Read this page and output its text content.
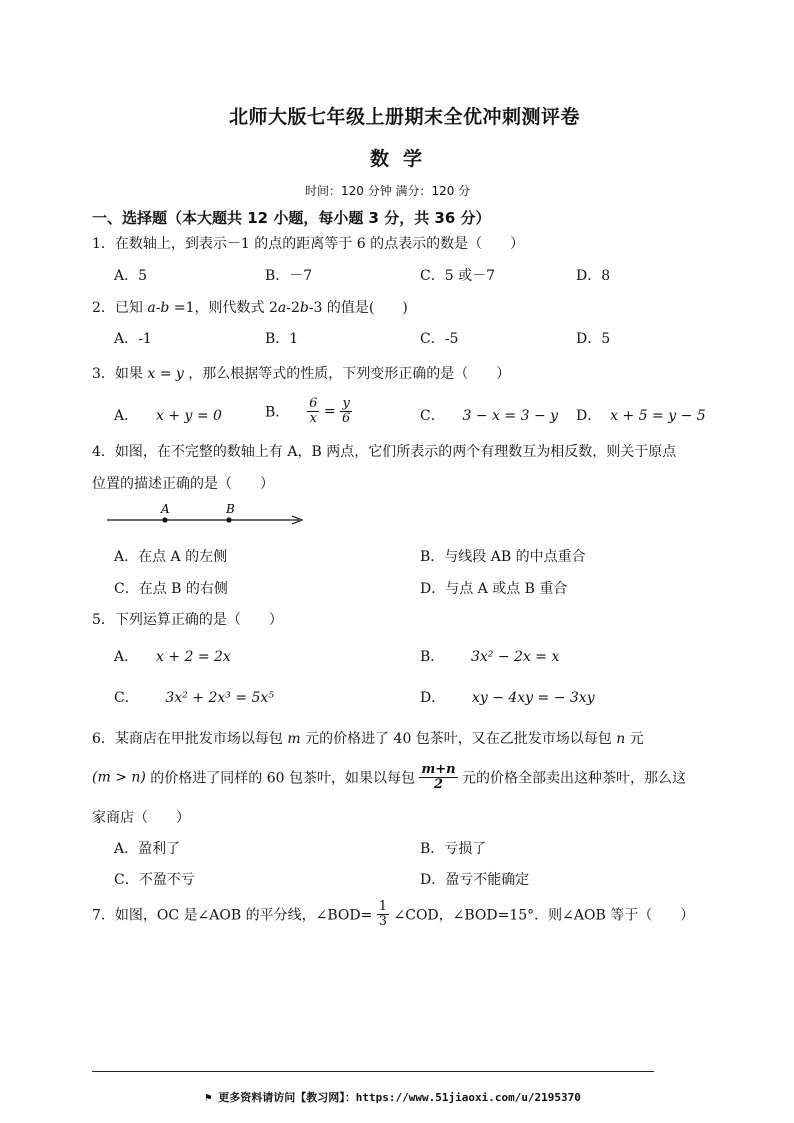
北师大版七年级上册期末全优冲刺测评卷
数学
时间：120 分钟 满分：120 分
一、选择题（本大题共 12 小题，每小题 3 分，共 36 分）
1．在数轴上，到表示－1 的点的距离等于 6 的点表示的数是（　　）
A．5	B．－7	C．5 或－7	D．8
2．已知 a-b =1，则代数式 2a-2b-3 的值是(　　)
A．-1	B．1	C．-5	D．5
3．如果 x = y ，那么根据等式的性质，下列变形正确的是（　　）
A． x + y = 0	B． $\frac{6}{x} = \frac{y}{6}$	C． 3 − x = 3 − y D． x + 5 = y − 5
4．如图，在不完整的数轴上有 A，B 两点，它们所表示的两个有理数互为相反数，则关于原点
位置的描述正确的是（　　）
A	B
A．在点 A 的左侧	B．与线段 AB 的中点重合
C．在点 B 的右侧	D．与点 A 或点 B 重合
5．下列运算正确的是（　　）
A． x + 2 = 2x	B． 3x² − 2x = x
C． 3x² + 2x³ = 5x⁵	D． xy − 4xy = − 3xy
6．某商店在甲批发市场以每包 m 元的价格进了 40 包茶叶，又在乙批发市场以每包 n 元
(m > n) 的价格进了同样的 60 包茶叶，如果以每包 $\frac{m+n}{2}$ 元的价格全部卖出这种茶叶，那么这
家商店（　　）
A．盈利了	B．亏损了
C．不盈不亏	D．盈亏不能确定
7．如图，OC 是∠AOB 的平分线，∠BOD= $\frac{1}{3}$ ∠COD，∠BOD=15°．则∠AOB 等于（　　）
⚑ 更多资料请访问【教习网】：https://www.51jiaoxi.com/u/2195370
